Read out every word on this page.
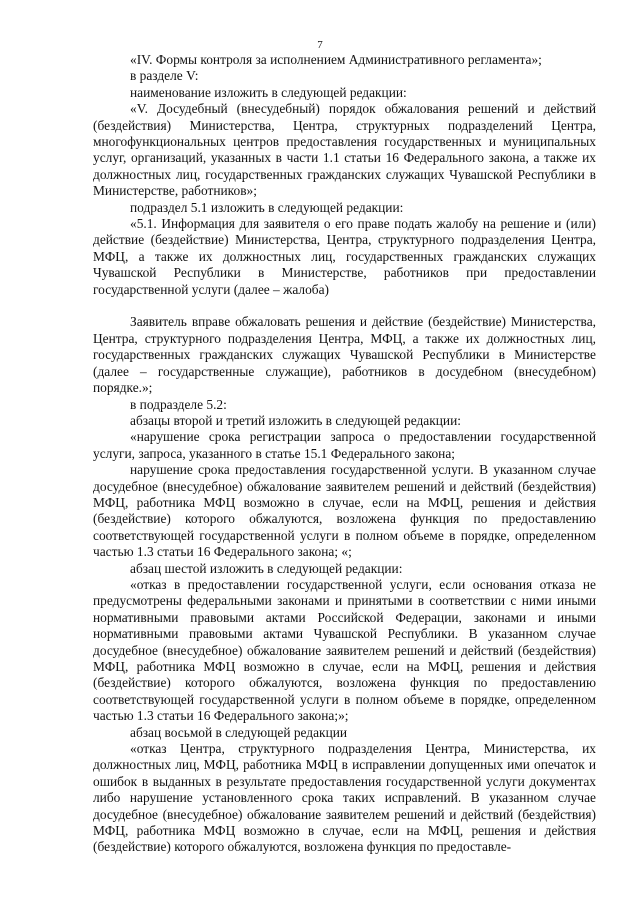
7

«IV. Формы контроля за исполнением Административного регламента»;

в разделе V:

наименование изложить в следующей редакции:

«V. Досудебный (внесудебный) порядок обжалования решений и действий (бездействия) Министерства, Центра, структурных подразделений Центра, многофункциональных центров предоставления государственных и муниципальных услуг, организаций, указанных в части 1.1 статьи 16 Федерального закона, а также их должностных лиц, государственных гражданских служащих Чувашской Республики в Министерстве, работников»;

подраздел 5.1 изложить в следующей редакции:

«5.1. Информация для заявителя о его праве подать жалобу на решение и (или) действие (бездействие) Министерства, Центра, структурного подразделения Центра, МФЦ, а также их должностных лиц, государственных гражданских служащих Чувашской Республики в Министерстве, работников при предоставлении государственной услуги (далее – жалоба)

Заявитель вправе обжаловать решения и действие (бездействие) Министерства, Центра, структурного подразделения Центра, МФЦ, а также их должностных лиц, государственных гражданских служащих Чувашской Республики в Министерстве (далее – государственные служащие), работников в досудебном (внесудебном) порядке.»;

в подразделе 5.2:

абзацы второй и третий изложить в следующей редакции:

«нарушение срока регистрации запроса о предоставлении государственной услуги, запроса, указанного в статье 15.1 Федерального закона;

нарушение срока предоставления государственной услуги. В указанном случае досудебное (внесудебное) обжалование заявителем решений и действий (бездействия) МФЦ, работника МФЦ возможно в случае, если на МФЦ, решения и действия (бездействие) которого обжалуются, возложена функция по предоставлению соответствующей государственной услуги в полном объеме в порядке, определенном частью 1.3 статьи 16 Федерального закона; «;

абзац шестой изложить в следующей редакции:

«отказ в предоставлении государственной услуги, если основания отказа не предусмотрены федеральными законами и принятыми в соответствии с ними иными нормативными правовыми актами Российской Федерации, законами и иными нормативными правовыми актами Чувашской Республики. В указанном случае досудебное (внесудебное) обжалование заявителем решений и действий (бездействия) МФЦ, работника МФЦ возможно в случае, если на МФЦ, решения и действия (бездействие) которого обжалуются, возложена функция по предоставлению соответствующей государственной услуги в полном объеме в порядке, определенном частью 1.3 статьи 16 Федерального закона;»;

абзац восьмой в следующей редакции

«отказ Центра, структурного подразделения Центра, Министерства, их должностных лиц, МФЦ, работника МФЦ в исправлении допущенных ими опечаток и ошибок в выданных в результате предоставления государственной услуги документах либо нарушение установленного срока таких исправлений. В указанном случае досудебное (внесудебное) обжалование заявителем решений и действий (бездействия) МФЦ, работника МФЦ возможно в случае, если на МФЦ, решения и действия (бездействие) которого обжалуются, возложена функция по предоставле-
